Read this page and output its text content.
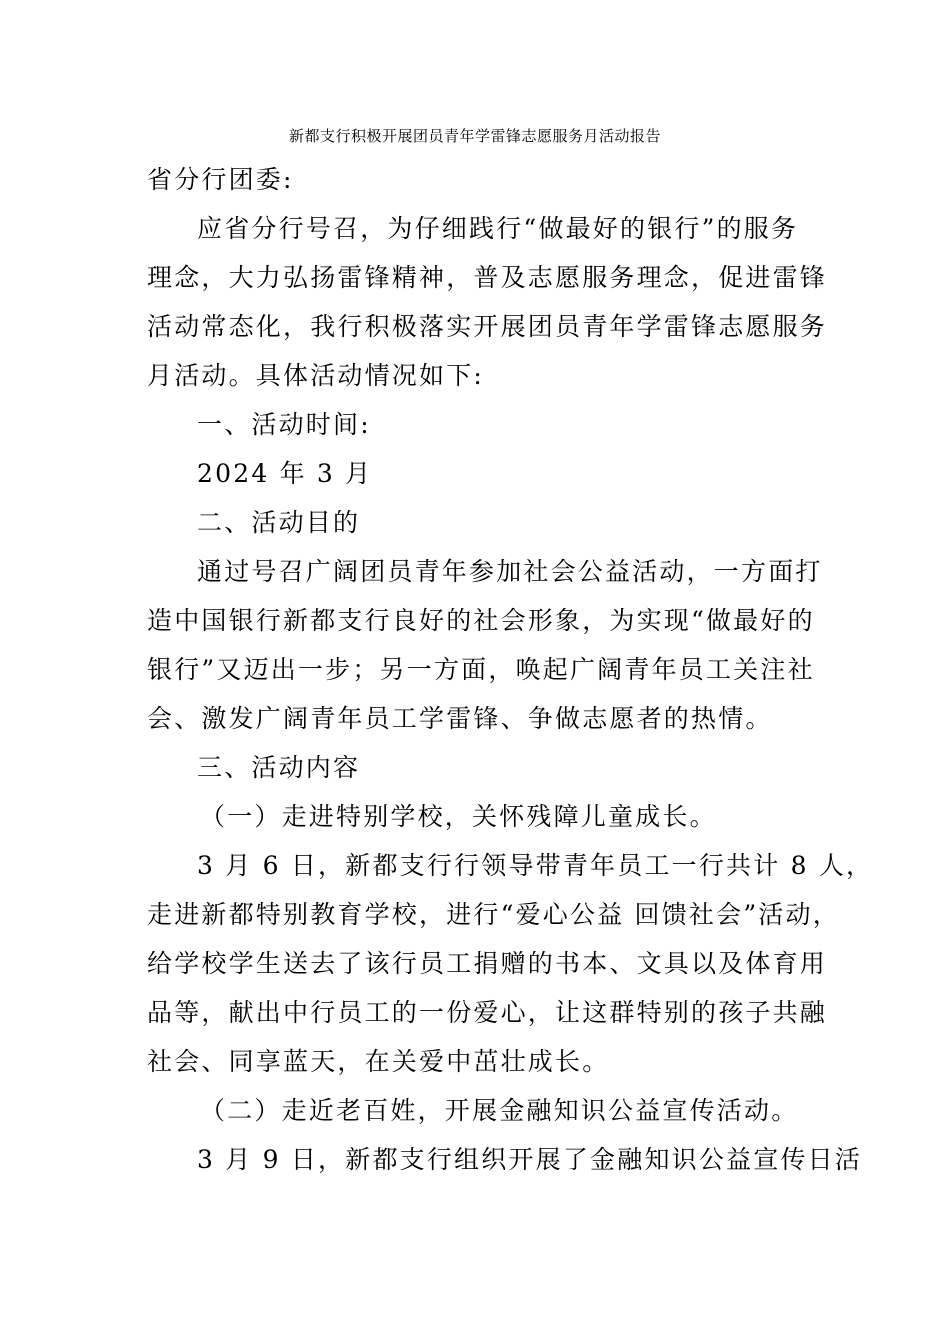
新都支行积极开展团员青年学雷锋志愿服务月活动报告
省分行团委:
应省分行号召，为仔细践行“做最好的银行”的服务
理念，大力弘扬雷锋精神，普及志愿服务理念，促进雷锋
活动常态化，我行积极落实开展团员青年学雷锋志愿服务
月活动。具体活动情况如下:
一、活动时间:
2024 年 3 月
二、活动目的
通过号召广阔团员青年参加社会公益活动，一方面打
造中国银行新都支行良好的社会形象，为实现“做最好的
银行”又迈出一步；另一方面，唤起广阔青年员工关注社
会、激发广阔青年员工学雷锋、争做志愿者的热情。
三、活动内容
（一）走进特别学校，关怀残障儿童成长。
3 月 6 日，新都支行行领导带青年员工一行共计 8 人，
走进新都特别教育学校，进行“爱心公益 回馈社会”活动，
给学校学生送去了该行员工捐赠的书本、文具以及体育用
品等，献出中行员工的一份爱心，让这群特别的孩子共融
社会、同享蓝天，在关爱中茁壮成长。
（二）走近老百姓，开展金融知识公益宣传活动。
3 月 9 日，新都支行组织开展了金融知识公益宣传日活
